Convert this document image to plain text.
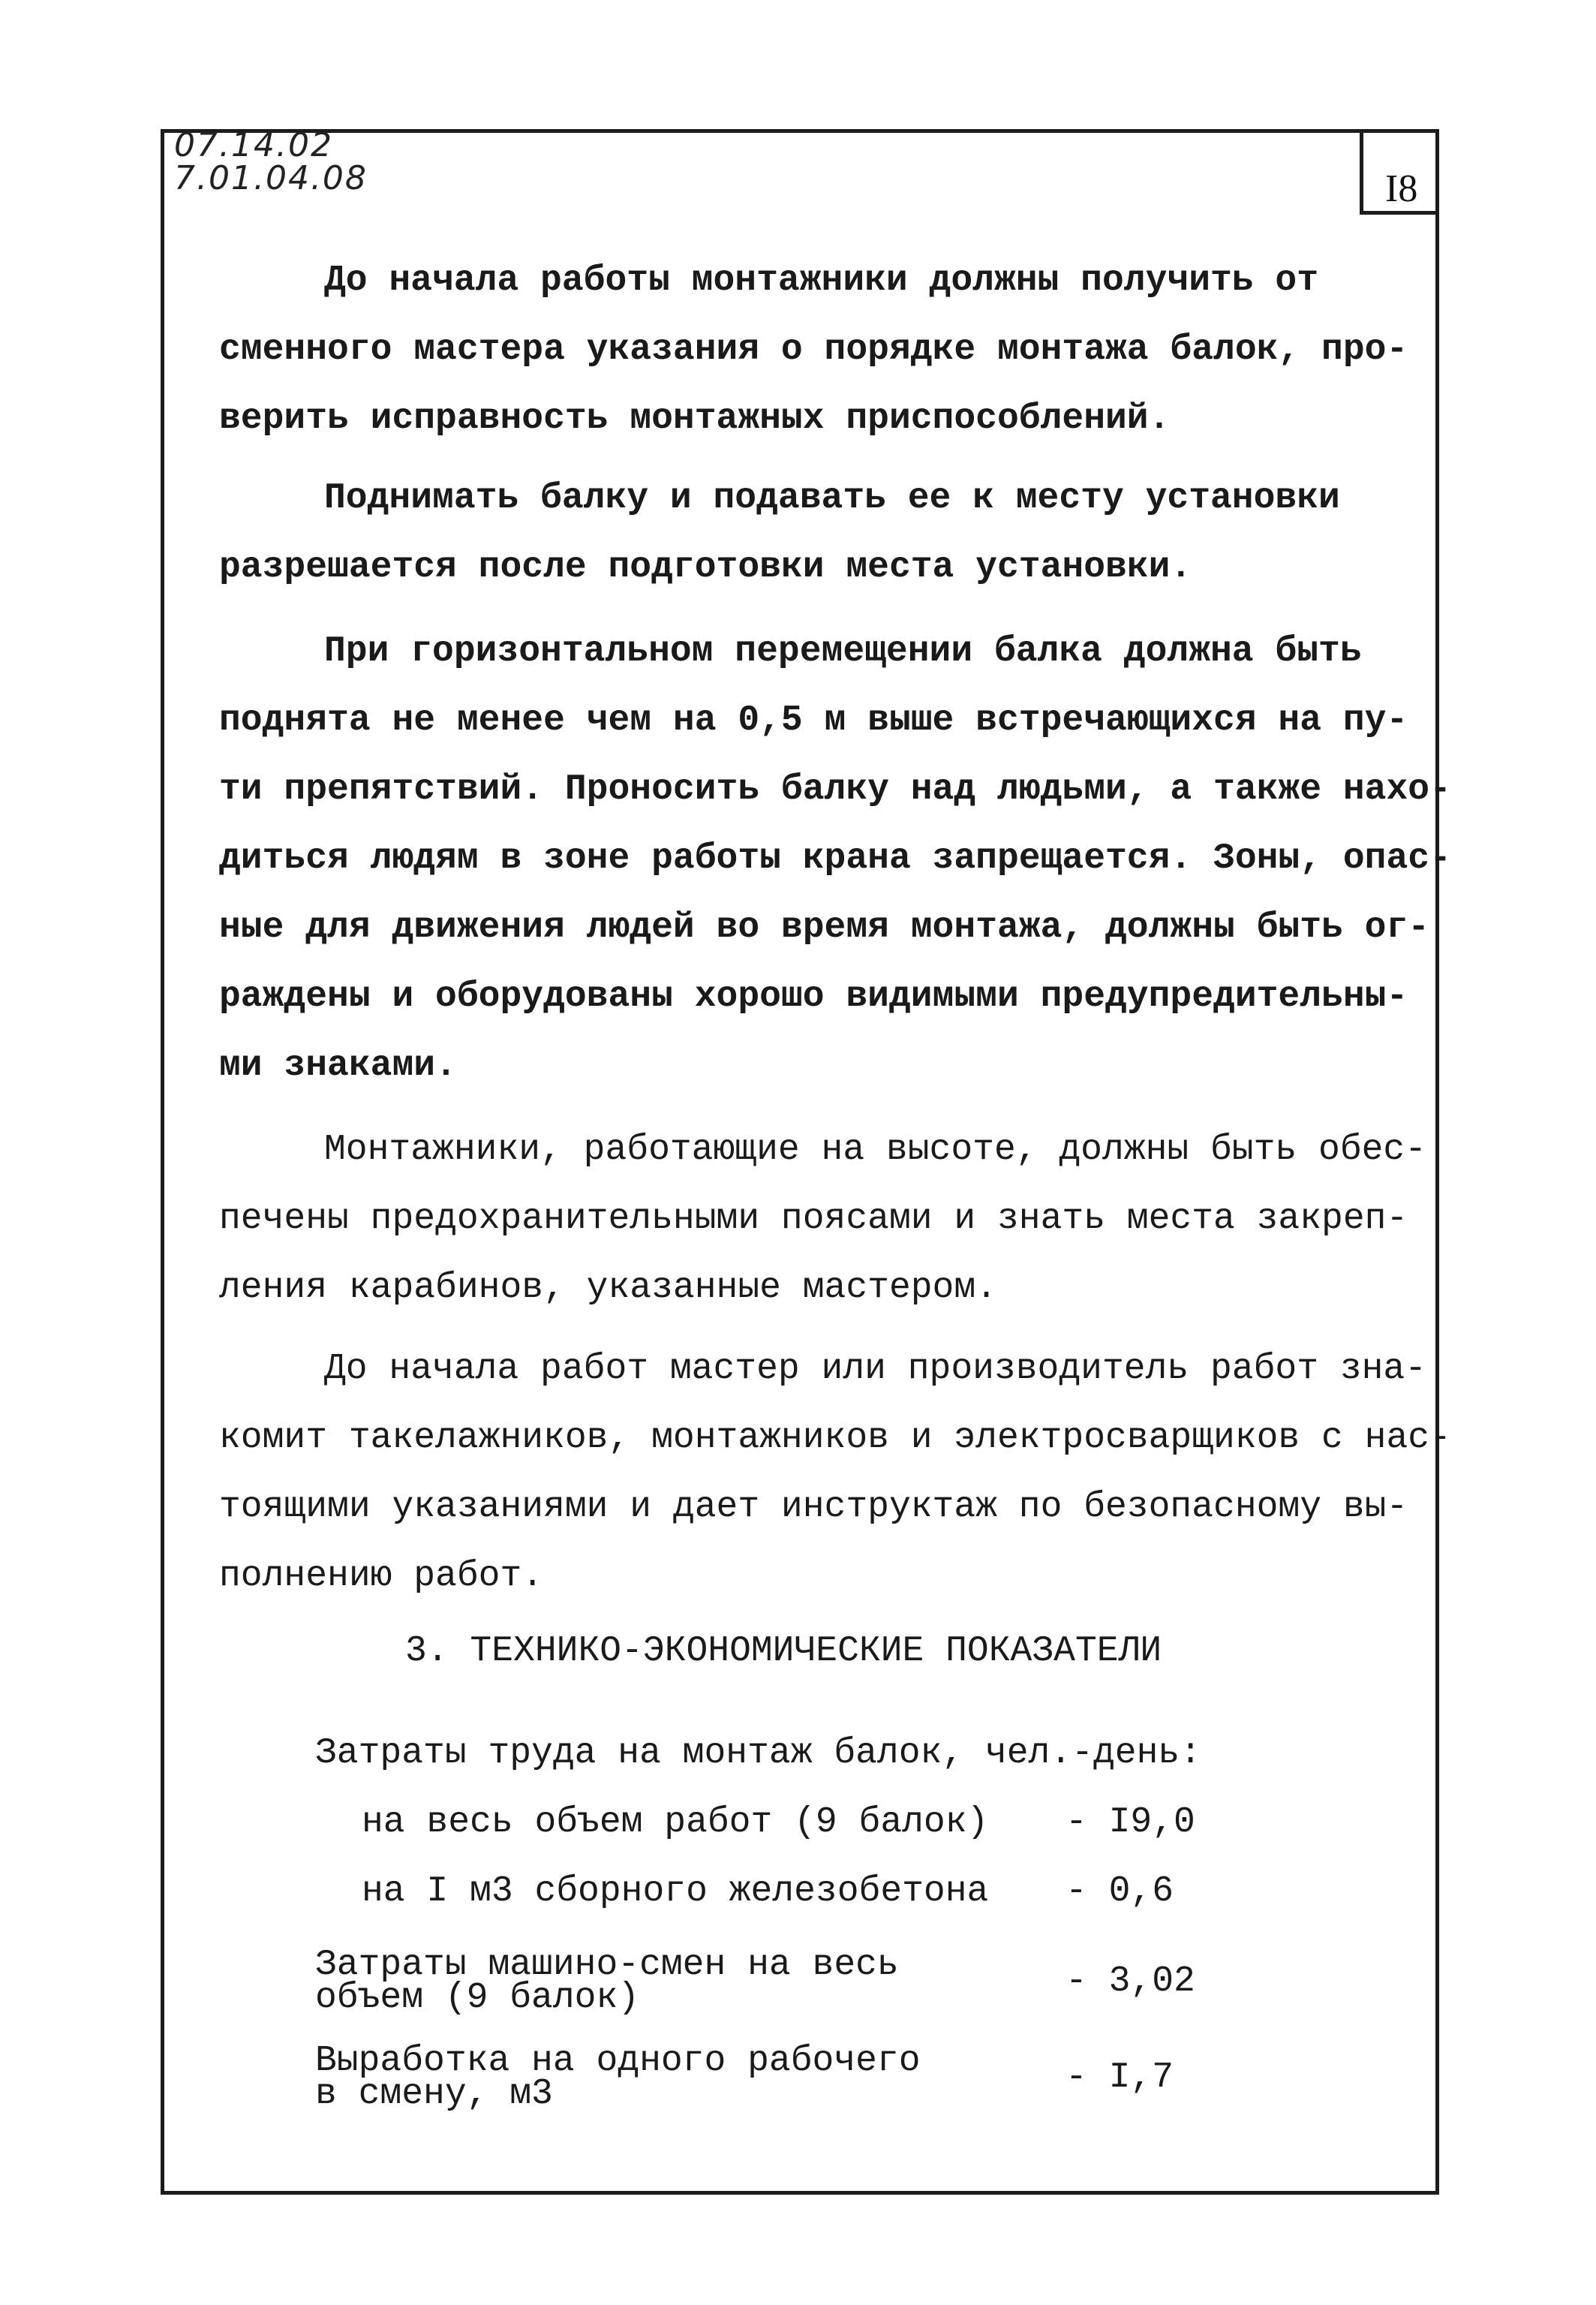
07.14.02
7.01.04.08	I8
До начала работы монтажники должны получить от
сменного мастера указания о порядке монтажа балок, про-
верить исправность монтажных приспособлений.
Поднимать балку и подавать ее к месту установки
разрешается после подготовки места установки.
При горизонтальном перемещении балка должна быть
поднята не менее чем на 0,5 м выше встречающихся на пу-
ти препятствий. Проносить балку над людьми, а также нахо-
диться людям в зоне работы крана запрещается. Зоны, опас-
ные для движения людей во время монтажа, должны быть ог-
раждены и оборудованы хорошо видимыми предупредительны-
ми знаками.
Монтажники, работающие на высоте, должны быть обес-
печены предохранительными поясами и знать места закреп-
ления карабинов, указанные мастером.
До начала работ мастер или производитель работ зна-
комит такелажников, монтажников и электросварщиков с нас-
тоящими указаниями и дает инструктаж по безопасному вы-
полнению работ.
3. ТЕХНИКО-ЭКОНОМИЧЕСКИЕ ПОКАЗАТЕЛИ
Затраты труда на монтаж балок, чел.-день:
на весь объем работ (9 балок) - I9,0
на I м3 сборного железобетона - 0,6
Затраты машино-смен на весь
объем (9 балок)	- 3,02
Выработка на одного рабочего
в смену, м3	- I,7
